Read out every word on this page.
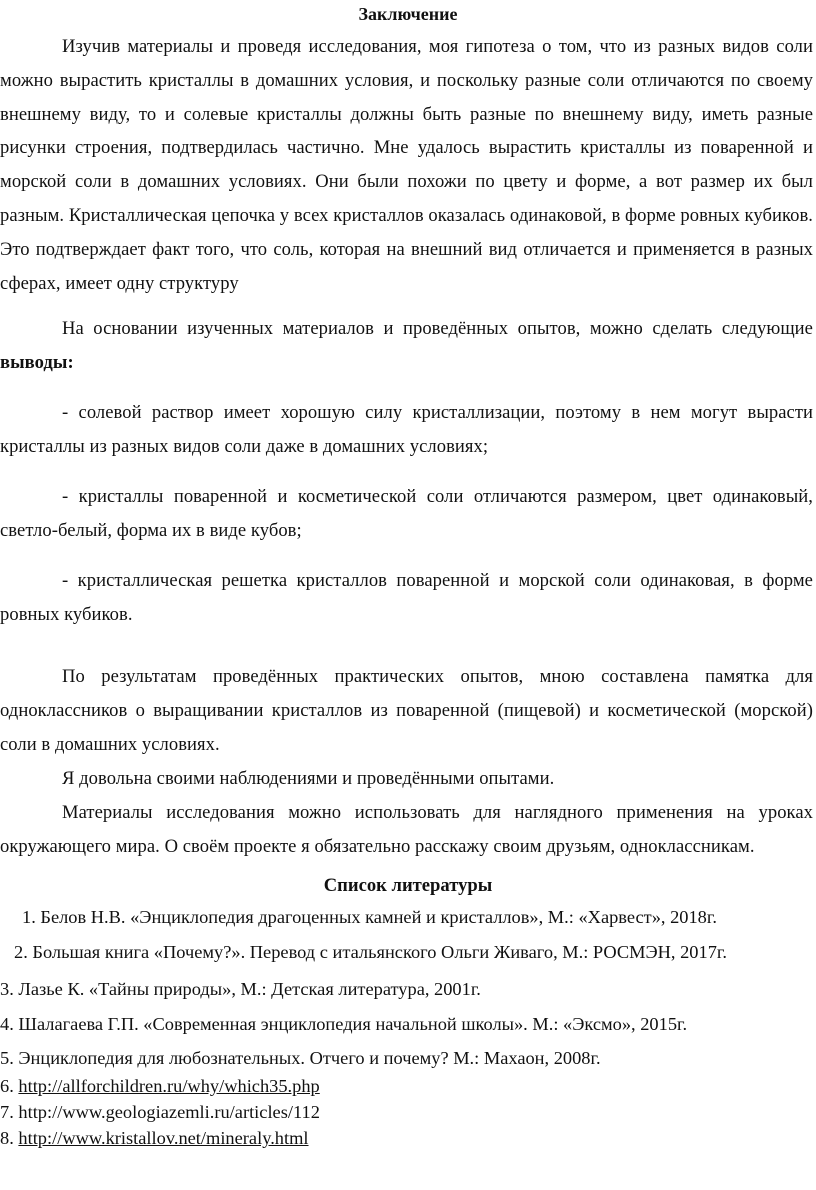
Заключение

Изучив материалы и проведя исследования, моя гипотеза о том, что из разных видов соли можно вырастить кристаллы в домашних условия, и поскольку разные соли отличаются по своему внешнему виду, то и солевые кристаллы должны быть разные по внешнему виду, иметь разные рисунки строения, подтвердилась частично. Мне удалось вырастить кристаллы из поваренной и морской соли в домашних условиях. Они были похожи по цвету и форме, а вот размер их был разным. Кристаллическая цепочка у всех кристаллов оказалась одинаковой, в форме ровных кубиков. Это подтверждает факт того, что соль, которая на внешний вид отличается и применяется в разных сферах, имеет одну структуру

На основании изученных материалов и проведённых опытов, можно сделать следующие выводы:

- солевой раствор имеет хорошую силу кристаллизации, поэтому в нем могут вырасти кристаллы из разных видов соли даже в домашних условиях;

- кристаллы поваренной и косметической соли отличаются размером, цвет одинаковый, светло-белый, форма их в виде кубов;

- кристаллическая решетка кристаллов поваренной и морской соли одинаковая, в форме ровных кубиков.

По результатам проведённых практических опытов, мною составлена памятка для одноклассников о выращивании кристаллов из поваренной (пищевой) и косметической (морской) соли в домашних условиях.

Я довольна своими наблюдениями и проведёнными опытами.

Материалы исследования можно использовать для наглядного применения на уроках окружающего мира. О своём проекте я обязательно расскажу своим друзьям, одноклассникам.

Список литературы

1. Белов Н.В. «Энциклопедия драгоценных камней и кристаллов», М.: «Харвест», 2018г.

2. Большая книга «Почему?». Перевод с итальянского Ольги Живаго, М.: РОСМЭН, 2017г.

3. Лазье К. «Тайны природы», М.: Детская литература, 2001г.

4. Шалагаева Г.П. «Современная энциклопедия начальной школы». М.: «Эксмо», 2015г.

5. Энциклопедия для любознательных. Отчего и почему? М.: Махаон, 2008г.

6. http://allforchildren.ru/why/which35.php

7. http://www.geologiazemli.ru/articles/112

8. http://www.kristallov.net/mineraly.html
